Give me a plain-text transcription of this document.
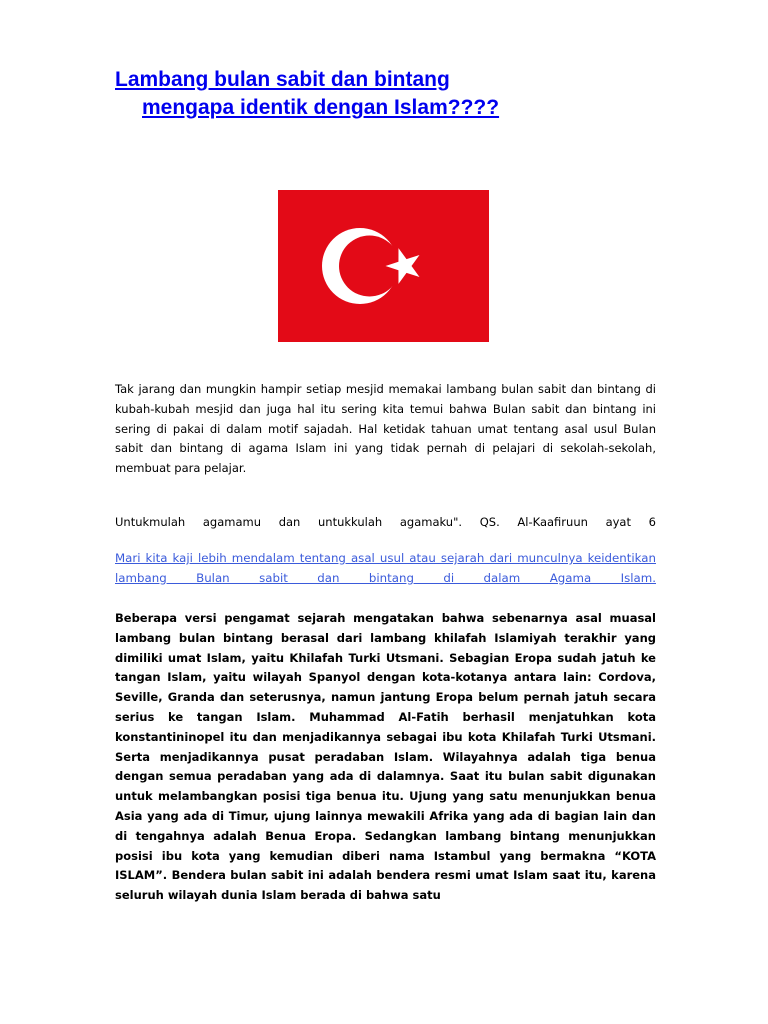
Lambang bulan sabit dan bintang
mengapa identik dengan Islam????

Tak jarang dan mungkin hampir setiap mesjid memakai lambang bulan sabit dan bintang di kubah-kubah mesjid dan juga hal itu sering kita temui bahwa Bulan sabit dan bintang ini sering di pakai di dalam motif sajadah. Hal ketidak tahuan umat tentang asal usul Bulan sabit dan bintang di agama Islam ini yang tidak pernah di pelajari di sekolah-sekolah, membuat para pelajar.

Untukmulah agamamu dan untukkulah agamaku". QS. Al-Kaafiruun ayat 6

Mari kita kaji lebih mendalam tentang asal usul atau sejarah dari munculnya keidentikan lambang Bulan sabit dan bintang di dalam Agama Islam.

Beberapa versi pengamat sejarah mengatakan bahwa sebenarnya asal muasal lambang bulan bintang berasal dari lambang khilafah Islamiyah terakhir yang dimiliki umat Islam, yaitu Khilafah Turki Utsmani. Sebagian Eropa sudah jatuh ke tangan Islam, yaitu wilayah Spanyol dengan kota-kotanya antara lain: Cordova, Seville, Granda dan seterusnya, namun jantung Eropa belum pernah jatuh secara serius ke tangan Islam. Muhammad Al-Fatih berhasil menjatuhkan kota konstantininopel itu dan menjadikannya sebagai ibu kota Khilafah Turki Utsmani. Serta menjadikannya pusat peradaban Islam. Wilayahnya adalah tiga benua dengan semua peradaban yang ada di dalamnya. Saat itu bulan sabit digunakan untuk melambangkan posisi tiga benua itu. Ujung yang satu menunjukkan benua Asia yang ada di Timur, ujung lainnya mewakili Afrika yang ada di bagian lain dan di tengahnya adalah Benua Eropa. Sedangkan lambang bintang menunjukkan posisi ibu kota yang kemudian diberi nama Istambul yang bermakna “KOTA ISLAM”. Bendera bulan sabit ini adalah bendera resmi umat Islam saat itu, karena seluruh wilayah dunia Islam berada di bahwa satu
